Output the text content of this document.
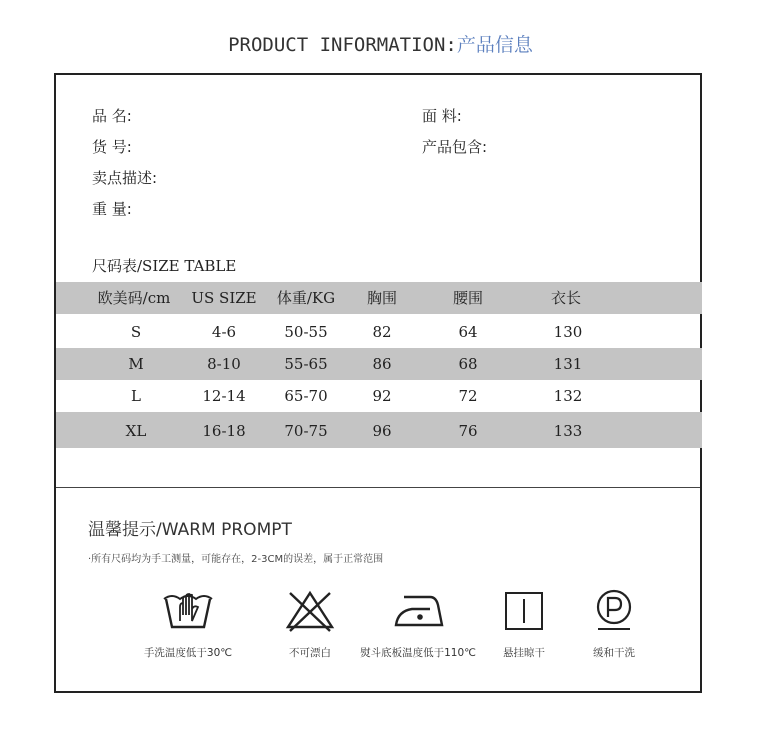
PRODUCT INFORMATION:产品信息
品 名:
货 号:
卖点描述:
重 量:
面 料:
产品包含:
尺码表/SIZE TABLE
欧美码/cm	US SIZE	体重/KG	胸围	腰围	衣长
S	4-6	50-55	82	64	130
M	8-10	55-65	86	68	131
L	12-14	65-70	92	72	132
XL	16-18	70-75	96	76	133
温馨提示/WARM PROMPT
·所有尺码均为手工测量，可能存在，2-3CM的误差，属于正常范围
手洗温度低于30℃	不可漂白	熨斗底板温度低于110℃	悬挂晾干	缓和干洗
